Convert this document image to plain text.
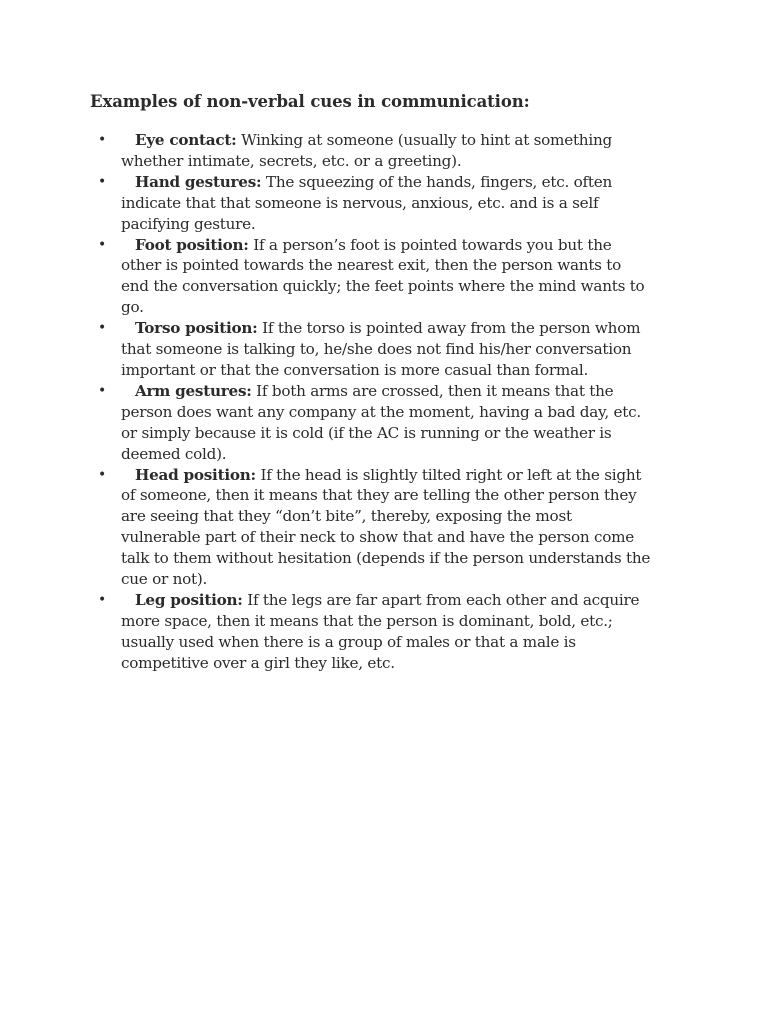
Examples of non-verbal cues in communication:
• Eye contact: Winking at someone (usually to hint at something whether intimate, secrets, etc. or a greeting).
• Hand gestures: The squeezing of the hands, fingers, etc. often indicate that that someone is nervous, anxious, etc. and is a self pacifying gesture.
• Foot position: If a person’s foot is pointed towards you but the other is pointed towards the nearest exit, then the person wants to end the conversation quickly; the feet points where the mind wants to go.
• Torso position: If the torso is pointed away from the person whom that someone is talking to, he/she does not find his/her conversation important or that the conversation is more casual than formal.
• Arm gestures: If both arms are crossed, then it means that the person does want any company at the moment, having a bad day, etc. or simply because it is cold (if the AC is running or the weather is deemed cold).
• Head position: If the head is slightly tilted right or left at the sight of someone, then it means that they are telling the other person they are seeing that they “don’t bite”, thereby, exposing the most vulnerable part of their neck to show that and have the person come talk to them without hesitation (depends if the person understands the cue or not).
• Leg position: If the legs are far apart from each other and acquire more space, then it means that the person is dominant, bold, etc.; usually used when there is a group of males or that a male is competitive over a girl they like, etc.
